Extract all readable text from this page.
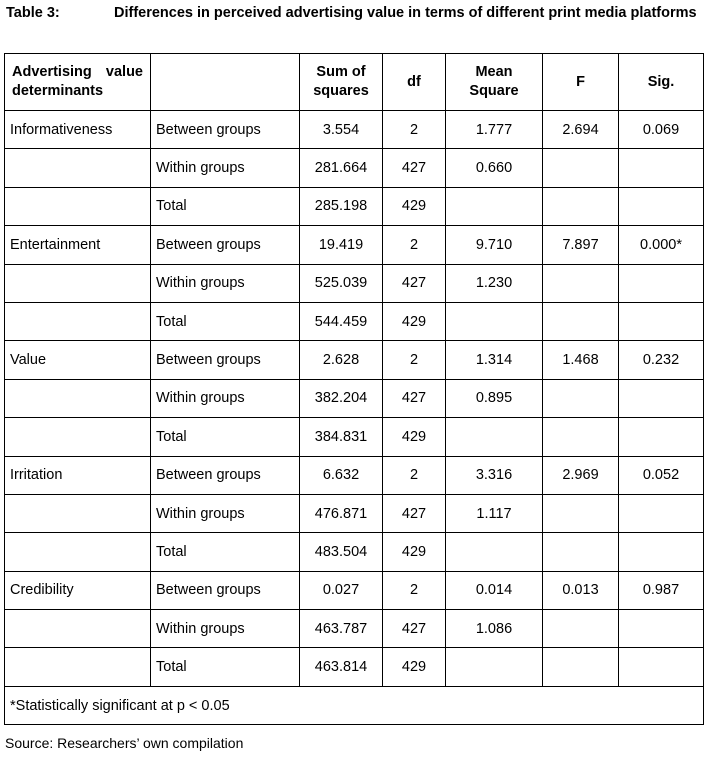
Table 3:	Differences in perceived advertising value in terms of different print media platforms
Advertising value determinants		Sum of squares	df	Mean Square	F	Sig.
Informativeness	Between groups	3.554	2	1.777	2.694	0.069
	Within groups	281.664	427	0.660		
	Total	285.198	429			
Entertainment	Between groups	19.419	2	9.710	7.897	0.000*
	Within groups	525.039	427	1.230		
	Total	544.459	429			
Value	Between groups	2.628	2	1.314	1.468	0.232
	Within groups	382.204	427	0.895		
	Total	384.831	429			
Irritation	Between groups	6.632	2	3.316	2.969	0.052
	Within groups	476.871	427	1.117		
	Total	483.504	429			
Credibility	Between groups	0.027	2	0.014	0.013	0.987
	Within groups	463.787	427	1.086		
	Total	463.814	429			
*Statistically significant at p < 0.05						
Source: Researchers’ own compilation
